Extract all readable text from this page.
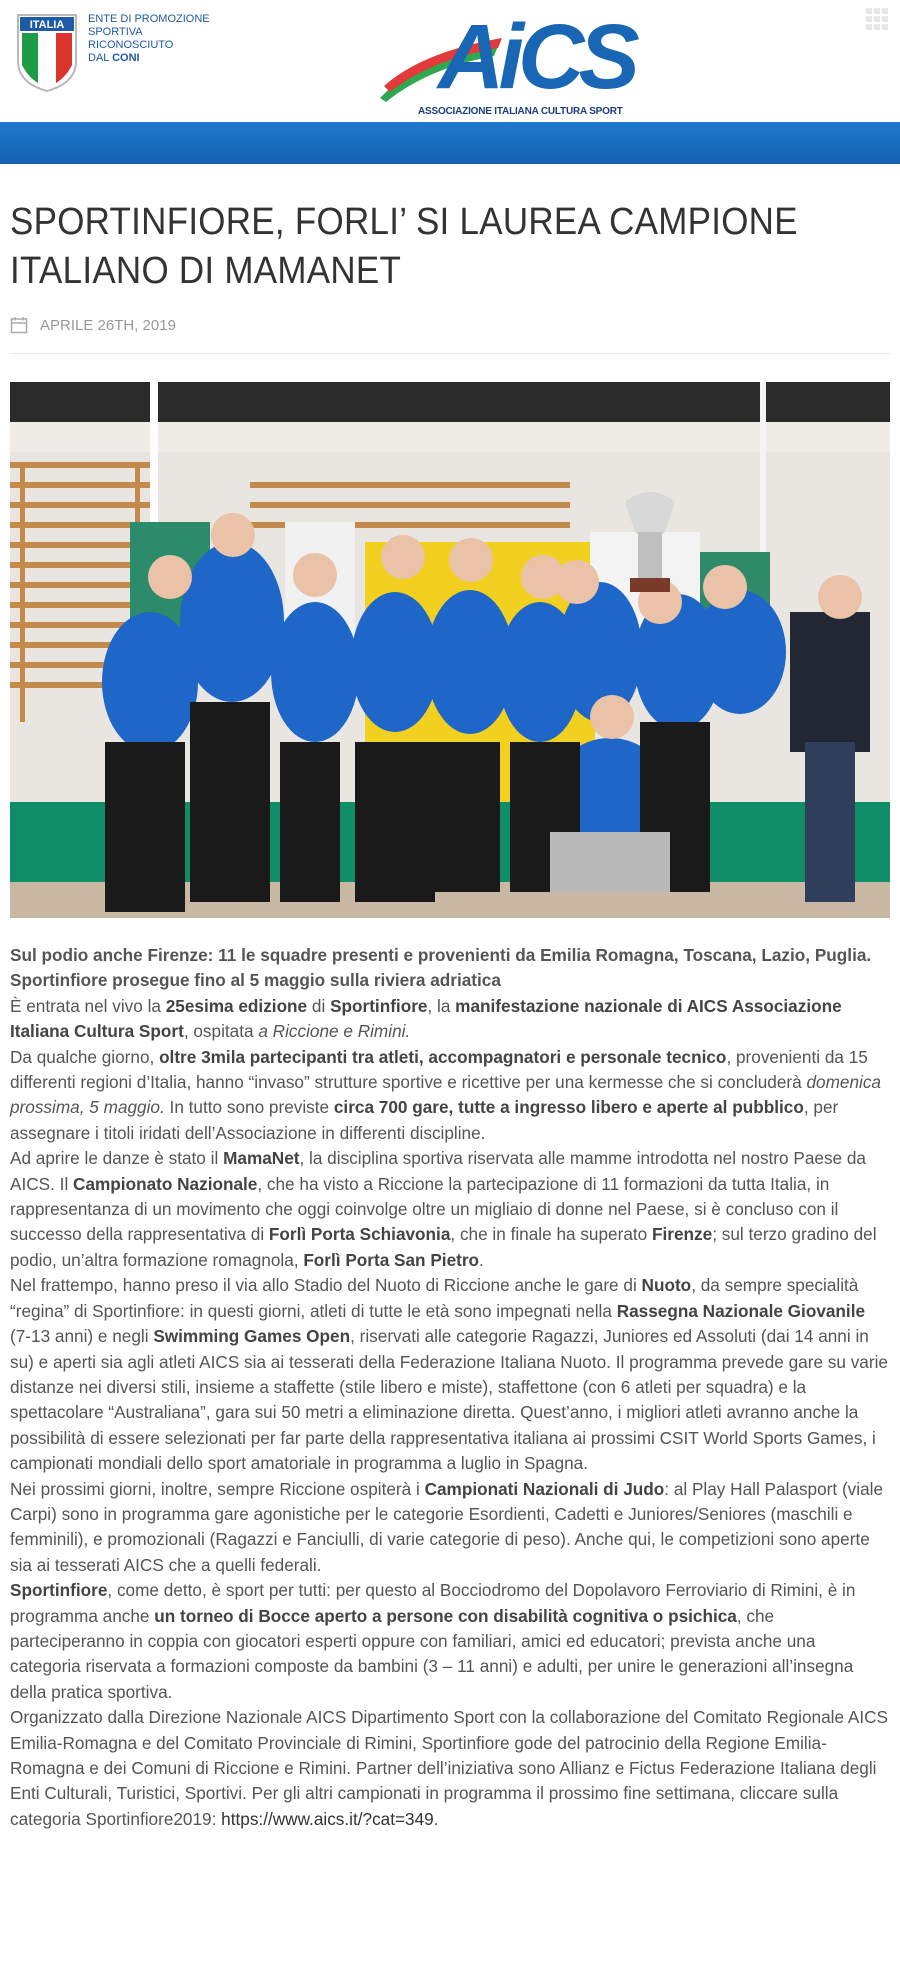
ITALIA ENTE DI PROMOZIONE
SPORTIVA
RICONOSCIUTO
DAL CONI	AiCS
ASSOCIAZIONE ITALIANA CULTURA SPORT
SPORTINFIORE, FORLI’ SI LAUREA CAMPIONE ITALIANO DI MAMANET
APRILE 26TH, 2019

Sul podio anche Firenze: 11 le squadre presenti e provenienti da Emilia Romagna, Toscana, Lazio, Puglia. Sportinfiore prosegue fino al 5 maggio sulla riviera adriatica

È entrata nel vivo la 25esima edizione di Sportinfiore, la manifestazione nazionale di AICS Associazione Italiana Cultura Sport, ospitata a Riccione e Rimini.

Da qualche giorno, oltre 3mila partecipanti tra atleti, accompagnatori e personale tecnico, provenienti da 15 differenti regioni d’Italia, hanno “invaso” strutture sportive e ricettive per una kermesse che si concluderà domenica prossima, 5 maggio. In tutto sono previste circa 700 gare, tutte a ingresso libero e aperte al pubblico, per assegnare i titoli iridati dell’Associazione in differenti discipline.

Ad aprire le danze è stato il MamaNet, la disciplina sportiva riservata alle mamme introdotta nel nostro Paese da AICS. Il Campionato Nazionale, che ha visto a Riccione la partecipazione di 11 formazioni da tutta Italia, in rappresentanza di un movimento che oggi coinvolge oltre un migliaio di donne nel Paese, si è concluso con il successo della rappresentativa di Forlì Porta Schiavonia, che in finale ha superato Firenze; sul terzo gradino del podio, un’altra formazione romagnola, Forlì Porta San Pietro.

Nel frattempo, hanno preso il via allo Stadio del Nuoto di Riccione anche le gare di Nuoto, da sempre specialità “regina” di Sportinfiore: in questi giorni, atleti di tutte le età sono impegnati nella Rassegna Nazionale Giovanile (7-13 anni) e negli Swimming Games Open, riservati alle categorie Ragazzi, Juniores ed Assoluti (dai 14 anni in su) e aperti sia agli atleti AICS sia ai tesserati della Federazione Italiana Nuoto. Il programma prevede gare su varie distanze nei diversi stili, insieme a staffette (stile libero e miste), staffettone (con 6 atleti per squadra) e la spettacolare “Australiana”, gara sui 50 metri a eliminazione diretta. Quest’anno, i migliori atleti avranno anche la possibilità di essere selezionati per far parte della rappresentativa italiana ai prossimi CSIT World Sports Games, i campionati mondiali dello sport amatoriale in programma a luglio in Spagna.

Nei prossimi giorni, inoltre, sempre Riccione ospiterà i Campionati Nazionali di Judo: al Play Hall Palasport (viale Carpi) sono in programma gare agonistiche per le categorie Esordienti, Cadetti e Juniores/Seniores (maschili e femminili), e promozionali (Ragazzi e Fanciulli, di varie categorie di peso). Anche qui, le competizioni sono aperte sia ai tesserati AICS che a quelli federali.

Sportinfiore, come detto, è sport per tutti: per questo al Bocciodromo del Dopolavoro Ferroviario di Rimini, è in programma anche un torneo di Bocce aperto a persone con disabilità cognitiva o psichica, che parteciperanno in coppia con giocatori esperti oppure con familiari, amici ed educatori; prevista anche una categoria riservata a formazioni composte da bambini (3 – 11 anni) e adulti, per unire le generazioni all’insegna della pratica sportiva.

Organizzato dalla Direzione Nazionale AICS Dipartimento Sport con la collaborazione del Comitato Regionale AICS Emilia-Romagna e del Comitato Provinciale di Rimini, Sportinfiore gode del patrocinio della Regione Emilia-Romagna e dei Comuni di Riccione e Rimini. Partner dell’iniziativa sono Allianz e Fictus Federazione Italiana degli Enti Culturali, Turistici, Sportivi. Per gli altri campionati in programma il prossimo fine settimana, cliccare sulla categoria Sportinfiore2019: https://www.aics.it/?cat=349.
